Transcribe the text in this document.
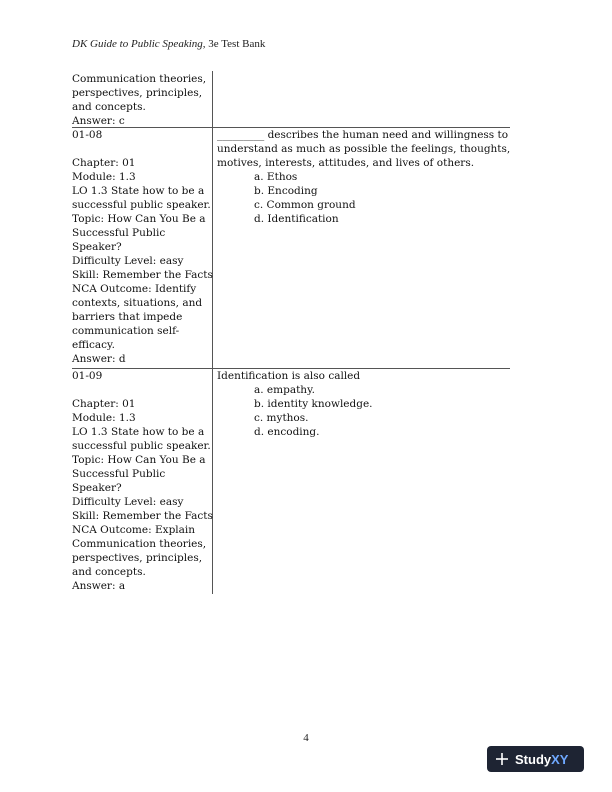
DK Guide to Public Speaking, 3e Test Bank
Communication theories,
perspectives, principles,
and concepts.
Answer: c
01-08

Chapter: 01
Module: 1.3
LO 1.3 State how to be a
successful public speaker.
Topic: How Can You Be a
Successful Public
Speaker?
Difficulty Level: easy
Skill: Remember the Facts
NCA Outcome: Identify
contexts, situations, and
barriers that impede
communication self-
efficacy.
Answer: d
_________ describes the human need and willingness to
understand as much as possible the feelings, thoughts,
motives, interests, attitudes, and lives of others.
a. Ethos
b. Encoding
c. Common ground
d. Identification
01-09

Chapter: 01
Module: 1.3
LO 1.3 State how to be a
successful public speaker.
Topic: How Can You Be a
Successful Public
Speaker?
Difficulty Level: easy
Skill: Remember the Facts
NCA Outcome: Explain
Communication theories,
perspectives, principles,
and concepts.
Answer: a
Identification is also called
a. empathy.
b. identity knowledge.
c. mythos.
d. encoding.
4
Study XY
